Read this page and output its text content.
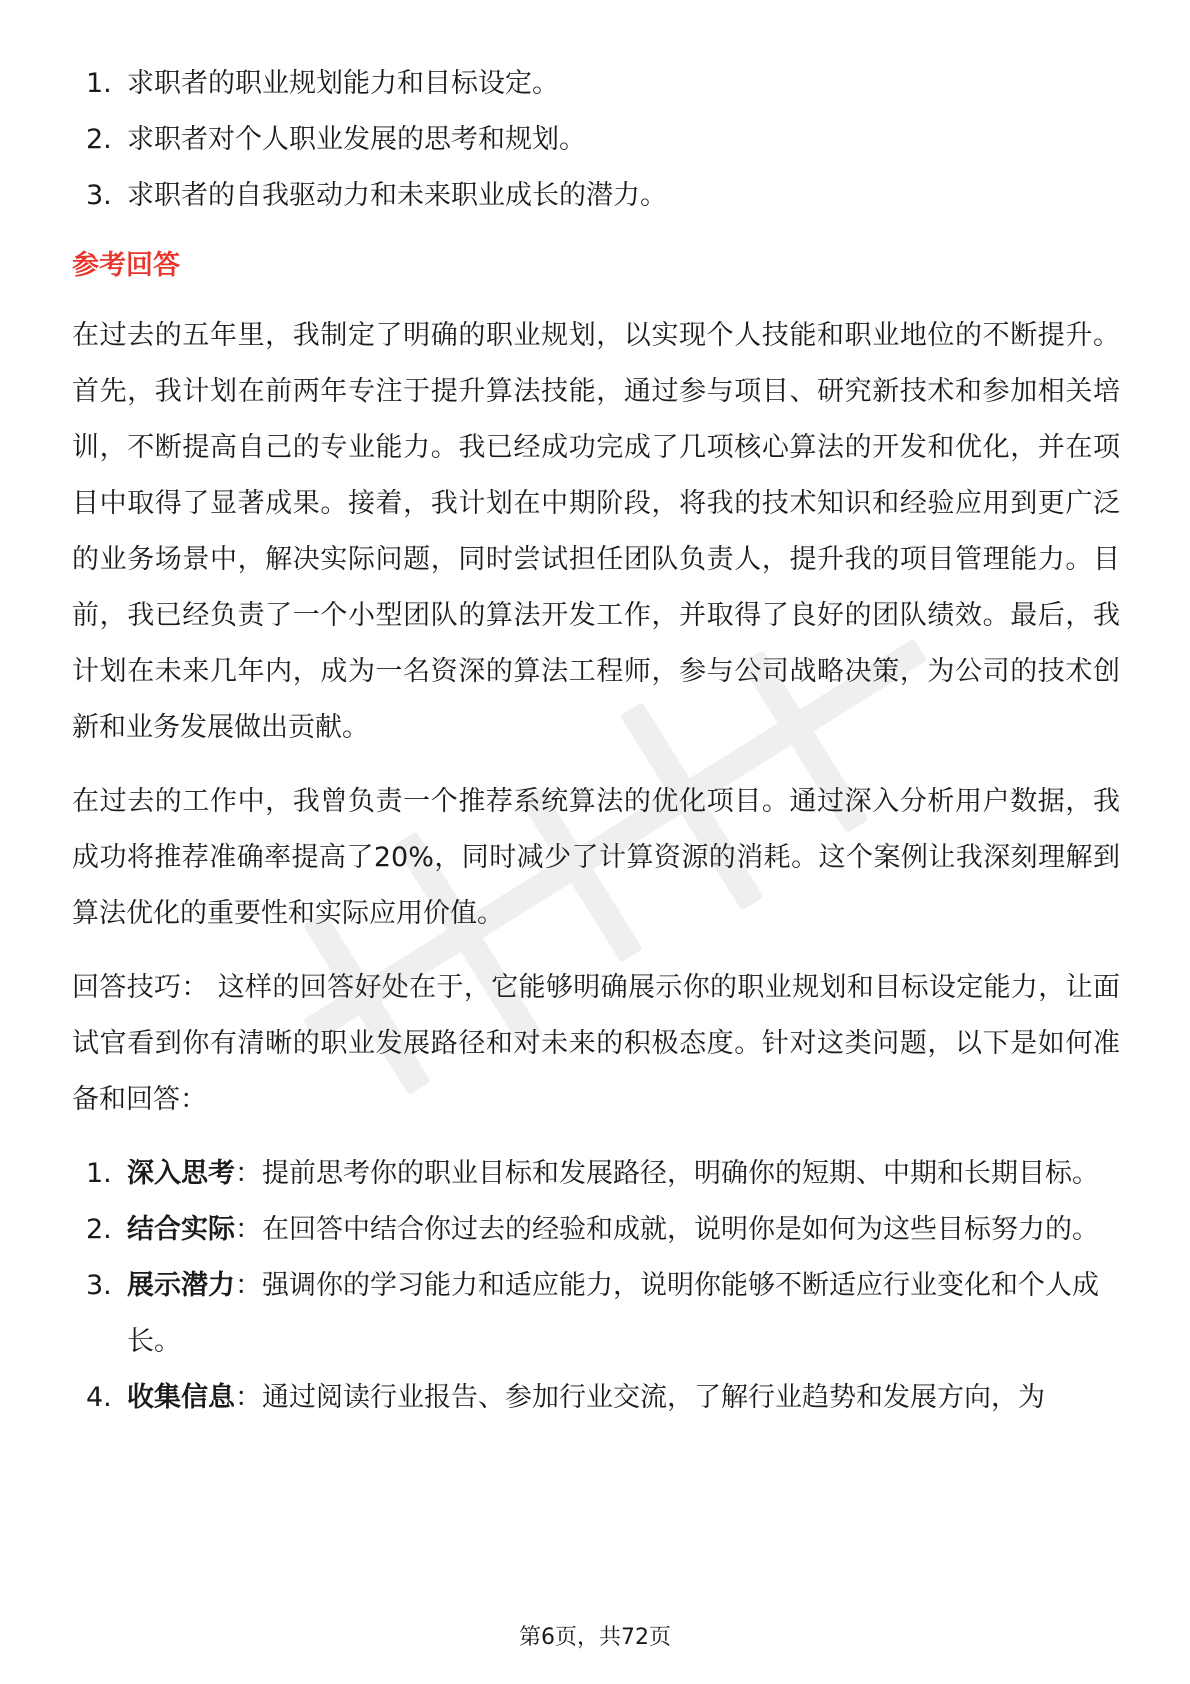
1. 求职者的职业规划能力和目标设定。
2. 求职者对个人职业发展的思考和规划。
3. 求职者的自我驱动力和未来职业成长的潜力。

参考回答

在过去的五年里，我制定了明确的职业规划，以实现个人技能和职业地位的不断提升。首先，我计划在前两年专注于提升算法技能，通过参与项目、研究新技术和参加相关培训，不断提高自己的专业能力。我已经成功完成了几项核心算法的开发和优化，并在项目中取得了显著成果。接着，我计划在中期阶段，将我的技术知识和经验应用到更广泛的业务场景中，解决实际问题，同时尝试担任团队负责人，提升我的项目管理能力。目前，我已经负责了一个小型团队的算法开发工作，并取得了良好的团队绩效。最后，我计划在未来几年内，成为一名资深的算法工程师，参与公司战略决策，为公司的技术创新和业务发展做出贡献。

在过去的工作中，我曾负责一个推荐系统算法的优化项目。通过深入分析用户数据，我成功将推荐准确率提高了20%，同时减少了计算资源的消耗。这个案例让我深刻理解到算法优化的重要性和实际应用价值。

回答技巧： 这样的回答好处在于，它能够明确展示你的职业规划和目标设定能力，让面试官看到你有清晰的职业发展路径和对未来的积极态度。针对这类问题，以下是如何准备和回答：

1. 深入思考：提前思考你的职业目标和发展路径，明确你的短期、中期和长期目标。
2. 结合实际：在回答中结合你过去的经验和成就，说明你是如何为这些目标努力的。
3. 展示潜力：强调你的学习能力和适应能力，说明你能够不断适应行业变化和个人成长。
4. 收集信息：通过阅读行业报告、参加行业交流，了解行业趋势和发展方向，为
第6页，共72页
